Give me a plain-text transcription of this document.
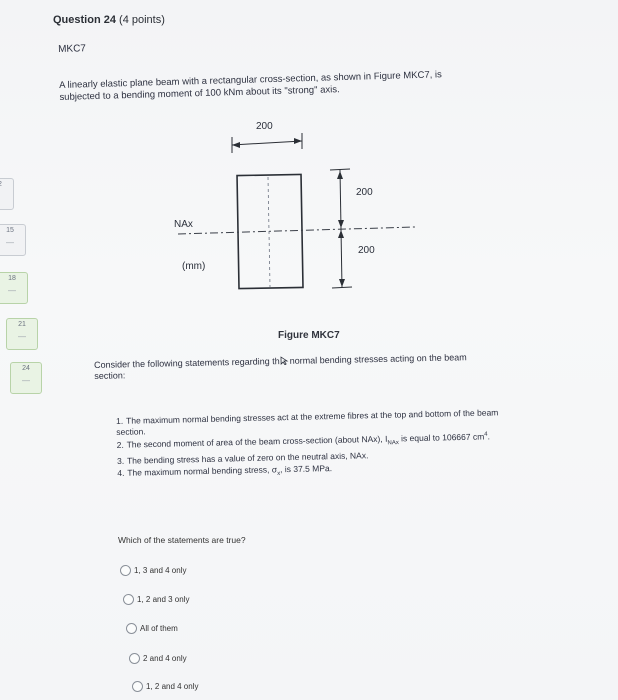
15
—
18
—
21
—
24
—
Question 24 (4 points)
MKC7

A linearly elastic plane beam with a rectangular cross-section, as shown in Figure MKC7, is subjected to a bending moment of 100 kNm about its "strong" axis.

200
200
200
NAx
(mm)
Figure MKC7
Consider the following statements regarding th normal bending stresses acting on the beam section:
1. The maximum normal bending stresses act at the extreme fibres at the top and bottom of the beam section.
2. The second moment of area of the beam cross-section (about NAx), $I_{NAx}$ is equal to 106667 $cm^4$.
3. The bending stress has a value of zero on the neutral axis, NAx.
4. The maximum normal bending stress, $\sigma_x$, is 37.5 MPa.
Which of the statements are true?
1, 3 and 4 only
1, 2 and 3 only
All of them
2 and 4 only
1, 2 and 4 only
